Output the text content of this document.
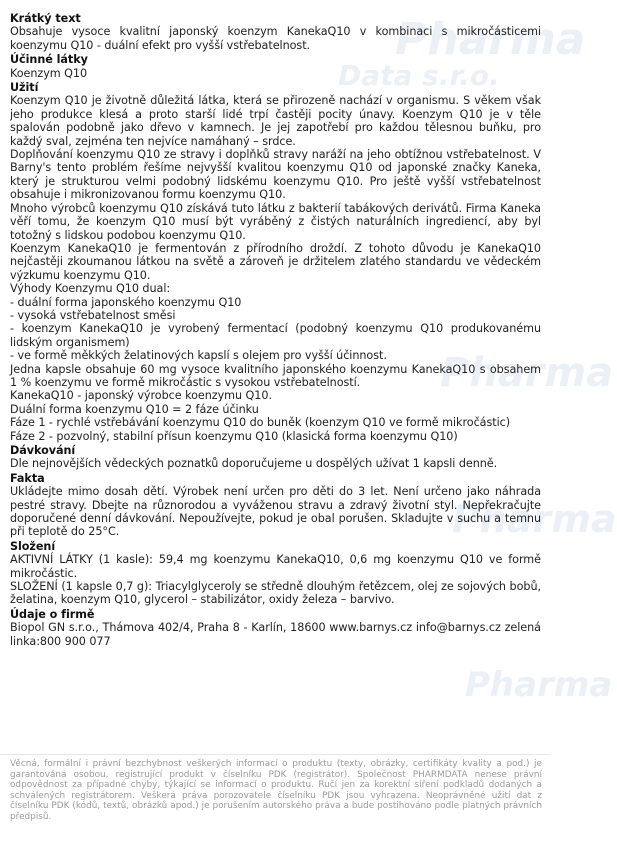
Pharma
Data s.r.o.
Pharma
Pharma
Pharma

Krátký text

Obsahuje vysoce kvalitní japonský koenzym KanekaQ10 v kombinaci s mikročásticemi koenzymu Q10 - duální efekt pro vyšší vstřebatelnost.

Účinné látky

Koenzym Q10

Užití

Koenzym Q10 je životně důležitá látka, která se přirozeně nachází v organismu. S věkem však jeho produkce klesá a proto starší lidé trpí častěji pocity únavy. Koenzym Q10 je v těle spalován podobně jako dřevo v kamnech. Je jej zapotřebí pro každou tělesnou buňku, pro každý sval, zejména ten nejvíce namáhaný – srdce.

Doplňování koenzymu Q10 ze stravy i doplňků stravy naráží na jeho obtížnou vstřebatelnost. V Barny's tento problém řešíme nejvyšší kvalitou koenzymu Q10 od japonské značky Kaneka, který je strukturou velmi podobný lidskému koenzymu Q10. Pro ještě vyšší vstřebatelnost obsahuje i mikronizovanou formu koenzymu Q10.

Mnoho výrobců koenzymu Q10 získává tuto látku z bakterií tabákových derivátů. Firma Kaneka věří tomu, že koenzym Q10 musí být vyráběný z čistých naturálních ingrediencí, aby byl totožný s lidskou podobou koenzymu Q10.

Koenzym KanekaQ10 je fermentován z přírodního droždí. Z tohoto důvodu je KanekaQ10 nejčastěji zkoumanou látkou na světě a zároveň je držitelem zlatého standardu ve vědeckém výzkumu koenzymu Q10.

Výhody Koenzymu Q10 dual:

- duální forma japonského koenzymu Q10

- vysoká vstřebatelnost směsi

- koenzym KanekaQ10 je vyrobený fermentací (podobný koenzymu Q10 produkovanému lidským organismem)

- ve formě měkkých želatinových kapslí s olejem pro vyšší účinnost.

Jedna kapsle obsahuje 60 mg vysoce kvalitního japonského koenzymu KanekaQ10 s obsahem 1 % koenzymu ve formě mikročástic s vysokou vstřebatelností.

KanekaQ10 - japonský výrobce koenzymu Q10.

Duální forma koenzymu Q10 = 2 fáze účinku

Fáze 1 - rychlé vstřebávání koenzymu Q10 do buněk (koenzym Q10 ve formě mikročástic)

Fáze 2 - pozvolný, stabilní přísun koenzymu Q10 (klasická forma koenzymu Q10)

Dávkování

Dle nejnovějších vědeckých poznatků doporučujeme u dospělých užívat 1 kapsli denně.

Fakta

Ukládejte mimo dosah dětí. Výrobek není určen pro děti do 3 let. Není určeno jako náhrada pestré stravy. Dbejte na různorodou a vyváženou stravu a zdravý životní styl. Nepřekračujte doporučené denní dávkování. Nepoužívejte, pokud je obal porušen. Skladujte v suchu a temnu při teplotě do 25°C.

Složení

AKTIVNÍ LÁTKY (1 kasle): 59,4 mg koenzymu KanekaQ10, 0,6 mg koenzymu Q10 ve formě mikročástic.

SLOŽENÍ (1 kapsle 0,7 g): Triacylglyceroly se středně dlouhým řetězcem, olej ze sojových bobů, želatina, koenzym Q10, glycerol – stabilizátor, oxidy železa – barvivo.

Údaje o firmě

Biopol GN s.r.o., Thámova 402/4, Praha 8 - Karlín, 18600 www.barnys.cz info@barnys.cz zelená linka:800 900 077

Věcná, formální i právní bezchybnost veškerých informací o produktu (texty, obrázky, certifikáty kvality a pod.) je garantována osobou, registrující produkt v číselníku PDK (registrátor). Společnost PHARMDATA nenese právní odpovědnost za případné chyby, týkající se informací o produktu. Ručí jen za korektní síření podkladů dodaných a schválených registrátorem. Veškerá práva porozovatele číselníku PDK jsou vyhrazena. Neoprávněné užití dat z číselníku PDK (kódů, textů, obrázků apod.) je porušením autorského práva a bude postihováno podle platných právních předpisů.
